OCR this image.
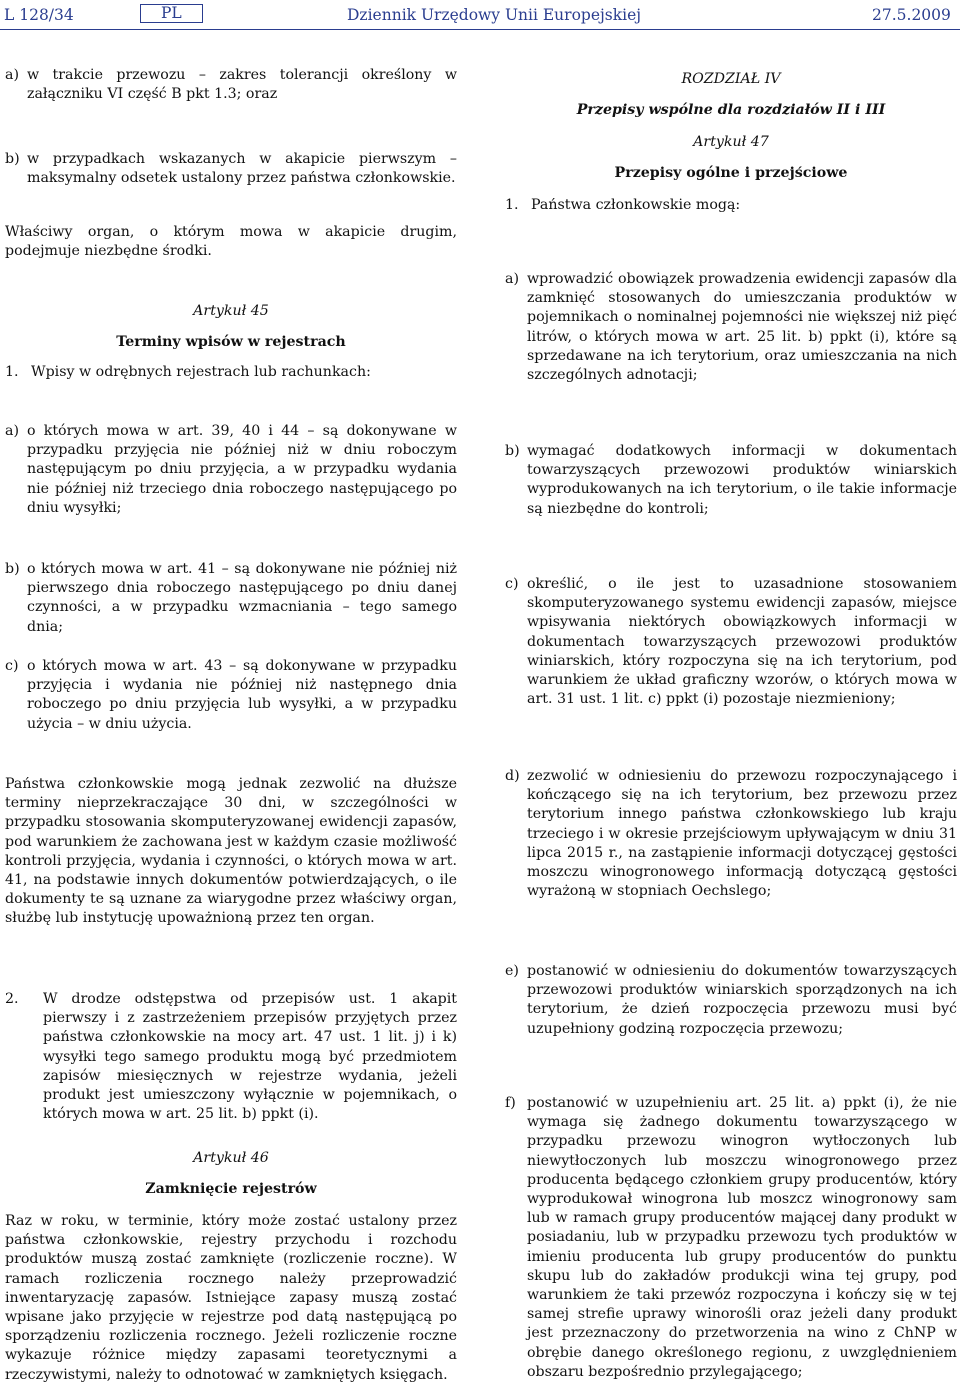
L 128/34	PL	Dziennik Urzędowy Unii Europejskiej	27.5.2009
a) w trakcie przewozu – zakres tolerancji określony w załączniku VI część B pkt 1.3; oraz
b) w przypadkach wskazanych w akapicie pierwszym – maksymalny odsetek ustalony przez państwa członkowskie.

Właściwy organ, o którym mowa w akapicie drugim, podejmuje niezbędne środki.

Artykuł 45

Terminy wpisów w rejestrach

1. Wpisy w odrębnych rejestrach lub rachunkach:
a) o których mowa w art. 39, 40 i 44 – są dokonywane w przypadku przyjęcia nie później niż w dniu roboczym następującym po dniu przyjęcia, a w przypadku wydania nie później niż trzeciego dnia roboczego następującego po dniu wysyłki;
b) o których mowa w art. 41 – są dokonywane nie później niż pierwszego dnia roboczego następującego po dniu danej czynności, a w przypadku wzmacniania – tego samego dnia;
c) o których mowa w art. 43 – są dokonywane w przypadku przyjęcia i wydania nie później niż następnego dnia roboczego po dniu przyjęcia lub wysyłki, a w przypadku użycia – w dniu użycia.

Państwa członkowskie mogą jednak zezwolić na dłuższe terminy nieprzekraczające 30 dni, w szczególności w przypadku stosowania skomputeryzowanej ewidencji zapasów, pod warunkiem że zachowana jest w każdym czasie możliwość kontroli przyjęcia, wydania i czynności, o których mowa w art. 41, na podstawie innych dokumentów potwierdzających, o ile dokumenty te są uznane za wiarygodne przez właściwy organ, służbę lub instytucję upoważnioną przez ten organ.

2.	W drodze odstępstwa od przepisów ust. 1 akapit pierwszy i z zastrzeżeniem przepisów przyjętych przez państwa członkowskie na mocy art. 47 ust. 1 lit. j) i k) wysyłki tego samego produktu mogą być przedmiotem zapisów miesięcznych w rejestrze wydania, jeżeli produkt jest umieszczony wyłącznie w pojemnikach, o których mowa w art. 25 lit. b) ppkt (i).

Artykuł 46

Zamknięcie rejestrów

Raz w roku, w terminie, który może zostać ustalony przez państwa członkowskie, rejestry przychodu i rozchodu produktów muszą zostać zamknięte (rozliczenie roczne). W ramach rozliczenia rocznego należy przeprowadzić inwentaryzację zapasów. Istniejące zapasy muszą zostać wpisane jako przyjęcie w rejestrze pod datą następującą po sporządzeniu rozliczenia rocznego. Jeżeli rozliczenie roczne wykazuje różnice między zapasami teoretycznymi a rzeczywistymi, należy to odnotować w zamkniętych księgach.

ROZDZIAŁ IV

Przepisy wspólne dla rozdziałów II i III

Artykuł 47

Przepisy ogólne i przejściowe

1. Państwa członkowskie mogą:
a) wprowadzić obowiązek prowadzenia ewidencji zapasów dla zamknięć stosowanych do umieszczania produktów w pojemnikach o nominalnej pojemności nie większej niż pięć litrów, o których mowa w art. 25 lit. b) ppkt (i), które są sprzedawane na ich terytorium, oraz umieszczania na nich szczególnych adnotacji;
b) wymagać dodatkowych informacji w dokumentach towarzyszących przewozowi produktów winiarskich wyprodukowanych na ich terytorium, o ile takie informacje są niezbędne do kontroli;
c) określić, o ile jest to uzasadnione stosowaniem skomputeryzowanego systemu ewidencji zapasów, miejsce wpisywania niektórych obowiązkowych informacji w dokumentach towarzyszących przewozowi produktów winiarskich, który rozpoczyna się na ich terytorium, pod warunkiem że układ graficzny wzorów, o których mowa w art. 31 ust. 1 lit. c) ppkt (i) pozostaje niezmieniony;
d) zezwolić w odniesieniu do przewozu rozpoczynającego i kończącego się na ich terytorium, bez przewozu przez terytorium innego państwa członkowskiego lub kraju trzeciego i w okresie przejściowym upływającym w dniu 31 lipca 2015 r., na zastąpienie informacji dotyczącej gęstości moszczu winogronowego informacją dotyczącą gęstości wyrażoną w stopniach Oechslego;
e) postanowić w odniesieniu do dokumentów towarzyszących przewozowi produktów winiarskich sporządzonych na ich terytorium, że dzień rozpoczęcia przewozu musi być uzupełniony godziną rozpoczęcia przewozu;
f) postanowić w uzupełnieniu art. 25 lit. a) ppkt (i), że nie wymaga się żadnego dokumentu towarzyszącego w przypadku przewozu winogron wytłoczonych lub niewytłoczonych lub moszczu winogronowego przez producenta będącego członkiem grupy producentów, który wyprodukował winogrona lub moszcz winogronowy sam lub w ramach grupy producentów mającej dany produkt w posiadaniu, lub w przypadku przewozu tych produktów w imieniu producenta lub grupy producentów do punktu skupu lub do zakładów produkcji wina tej grupy, pod warunkiem że taki przewóz rozpoczyna i kończy się w tej samej strefie uprawy winorośli oraz jeżeli dany produkt jest przeznaczony do przetworzenia na wino z ChNP w obrębie danego określonego regionu, z uwzględnieniem obszaru bezpośrednio przylegającego;
